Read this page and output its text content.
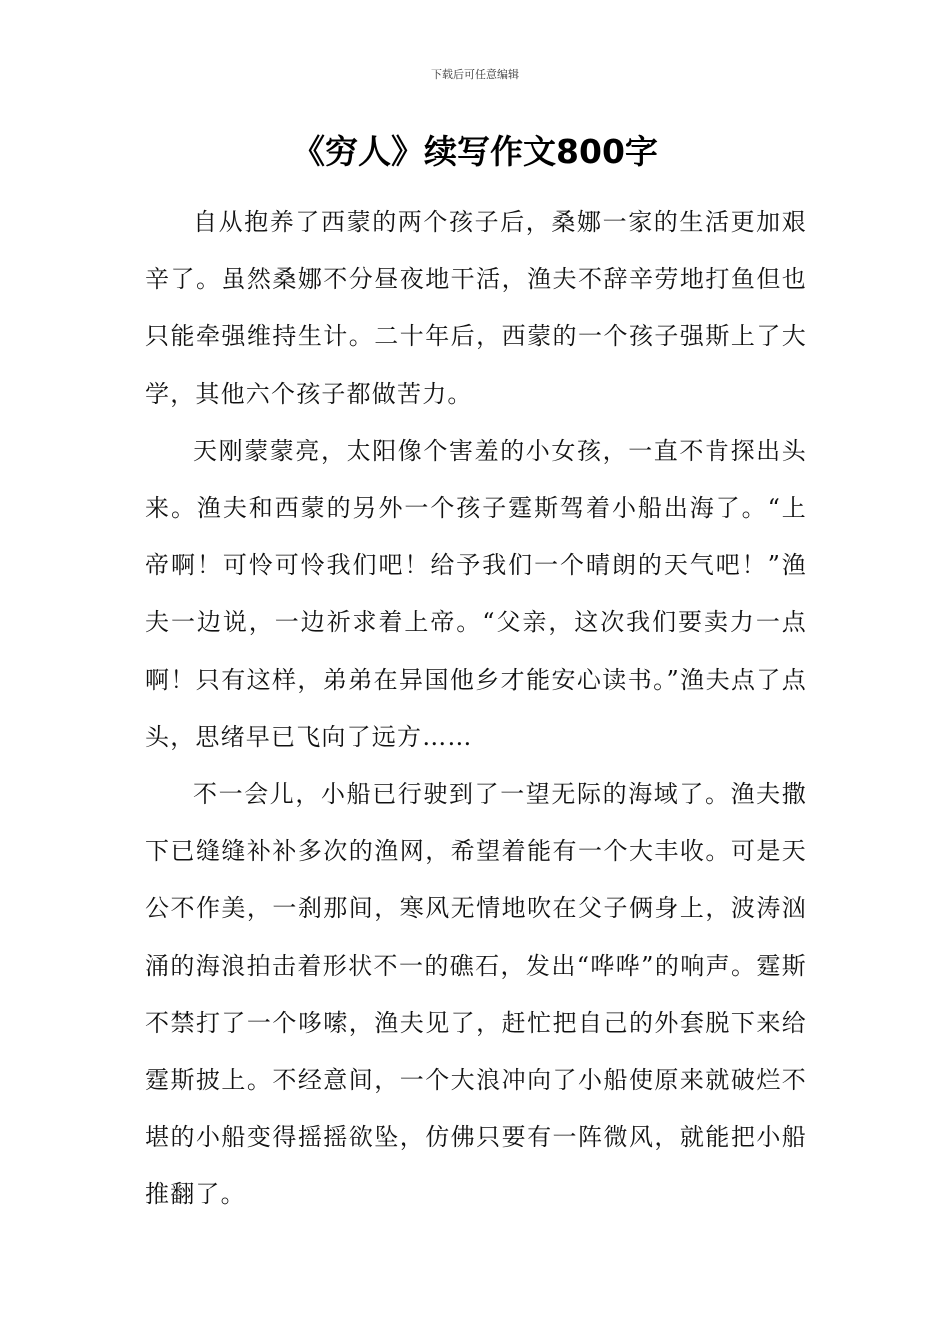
下载后可任意编辑
《穷人》续写作文800字

自从抱养了西蒙的两个孩子后，桑娜一家的生活更加艰辛了。虽然桑娜不分昼夜地干活，渔夫不辞辛劳地打鱼但也只能牵强维持生计。二十年后，西蒙的一个孩子强斯上了大学，其他六个孩子都做苦力。

天刚蒙蒙亮，太阳像个害羞的小女孩，一直不肯探出头来。渔夫和西蒙的另外一个孩子霆斯驾着小船出海了。“上帝啊！可怜可怜我们吧！给予我们一个晴朗的天气吧！”渔夫一边说，一边祈求着上帝。“父亲，这次我们要卖力一点啊！只有这样，弟弟在异国他乡才能安心读书。”渔夫点了点头，思绪早已飞向了远方……

不一会儿，小船已行驶到了一望无际的海域了。渔夫撒下已缝缝补补多次的渔网，希望着能有一个大丰收。可是天公不作美，一刹那间，寒风无情地吹在父子俩身上，波涛汹涌的海浪拍击着形状不一的礁石，发出“哗哗”的响声。霆斯不禁打了一个哆嗦，渔夫见了，赶忙把自己的外套脱下来给霆斯披上。不经意间，一个大浪冲向了小船使原来就破烂不堪的小船变得摇摇欲坠，仿佛只要有一阵微风，就能把小船推翻了。
